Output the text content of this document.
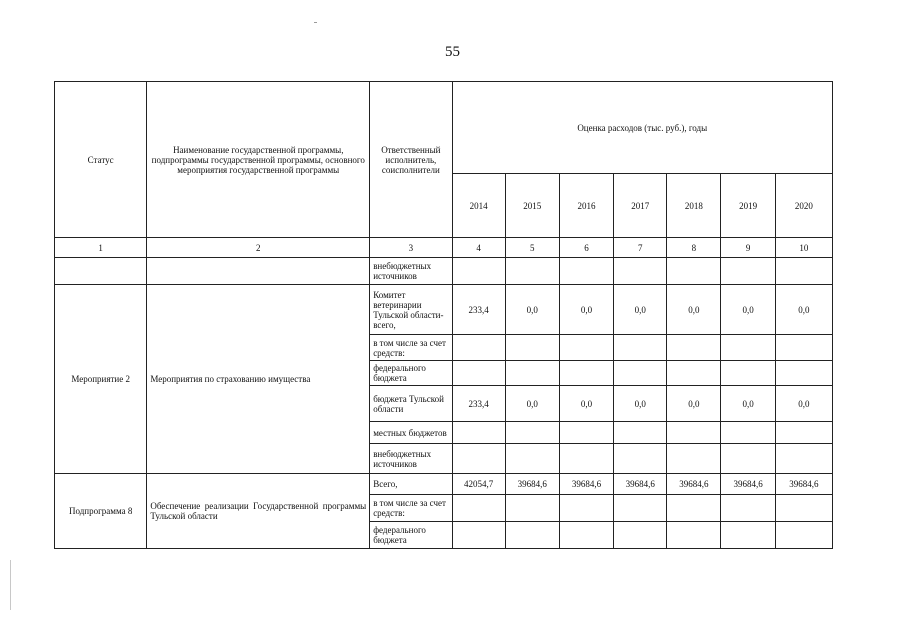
55
Статус	Наименование государственной программы, подпрограммы государственной программы, основного мероприятия государственной программы	Ответственный исполнитель, соисполнители	Оценка расходов (тыс. руб.), годы						
			2014	2015	2016	2017	2018	2019	2020
1	2	3	4	5	6	7	8	9	10
		внебюджетных источников							
Мероприятие 2	Мероприятия по страхованию имущества	Комитет ветеринарии Тульской области- всего,	233,4	0,0	0,0	0,0	0,0	0,0	0,0
		в том числе за счет средств:							
		федерального бюджета							
		бюджета Тульской области	233,4	0,0	0,0	0,0	0,0	0,0	0,0
		местных бюджетов							
		внебюджетных источников							
Подпрограмма 8	Обеспечение реализации Государственной программы Тульской области	Всего,	42054,7	39684,6	39684,6	39684,6	39684,6	39684,6	39684,6
		в том числе за счет средств:							
		федерального бюджета							
